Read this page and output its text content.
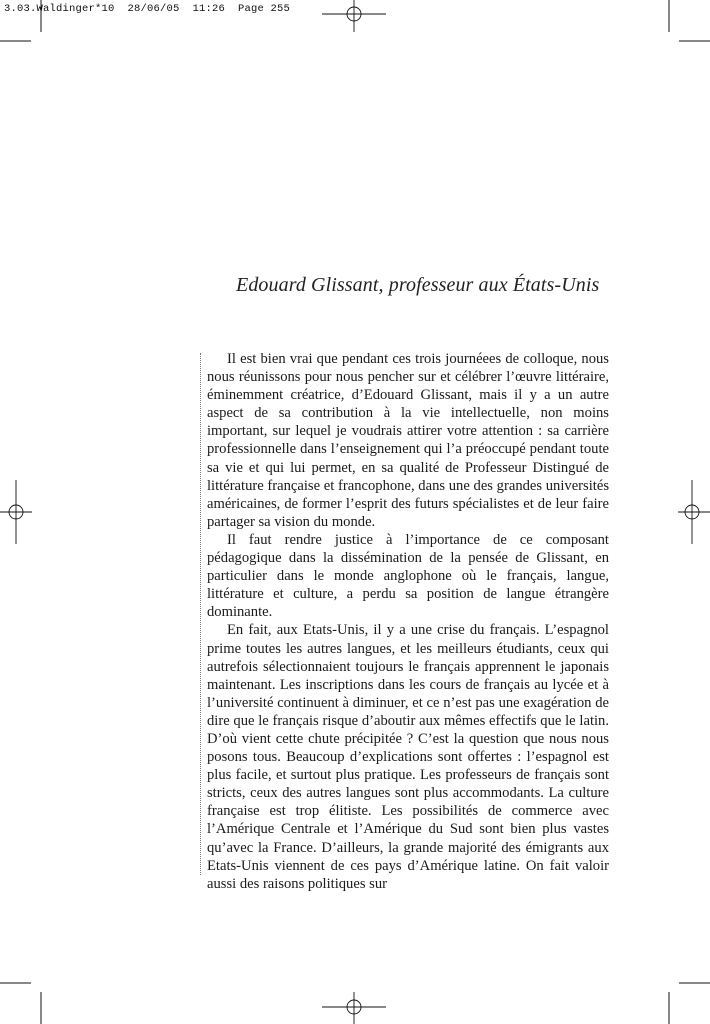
3.03.Waldinger*10  28/06/05  11:26  Page 255
Edouard Glissant, professeur aux États-Unis

Il est bien vrai que pendant ces trois journéees de colloque, nous nous réunissons pour nous pencher sur et célébrer l’œuvre littéraire, éminemment créatrice, d’Edouard Glissant, mais il y a un autre aspect de sa contribution à la vie intellectuelle, non moins important, sur lequel je voudrais attirer votre attention : sa carrière professionnelle dans l’enseignement qui l’a préoccupé pendant toute sa vie et qui lui permet, en sa qualité de Professeur Distingué de littérature française et francophone, dans une des grandes universités américaines, de former l’esprit des futurs spécialistes et de leur faire partager sa vision du monde.

Il faut rendre justice à l’importance de ce composant pédagogique dans la dissémination de la pensée de Glissant, en particulier dans le monde anglophone où le français, langue, littérature et culture, a perdu sa position de langue étrangère dominante.

En fait, aux Etats-Unis, il y a une crise du français. L’espagnol prime toutes les autres langues, et les meilleurs étudiants, ceux qui autrefois sélectionnaient toujours le français apprennent le japonais maintenant. Les inscriptions dans les cours de français au lycée et à l’université continuent à diminuer, et ce n’est pas une exagération de dire que le français risque d’aboutir aux mêmes effectifs que le latin. D’où vient cette chute précipitée ? C’est la question que nous nous posons tous. Beaucoup d’explications sont offertes : l’espagnol est plus facile, et surtout plus pratique. Les professeurs de français sont stricts, ceux des autres langues sont plus accommodants. La culture française est trop élitiste. Les possibilités de commerce avec l’Amérique Centrale et l’Amérique du Sud sont bien plus vastes qu’avec la France. D’ailleurs, la grande majorité des émigrants aux Etats-Unis viennent de ces pays d’Amérique latine. On fait valoir aussi des raisons politiques sur
